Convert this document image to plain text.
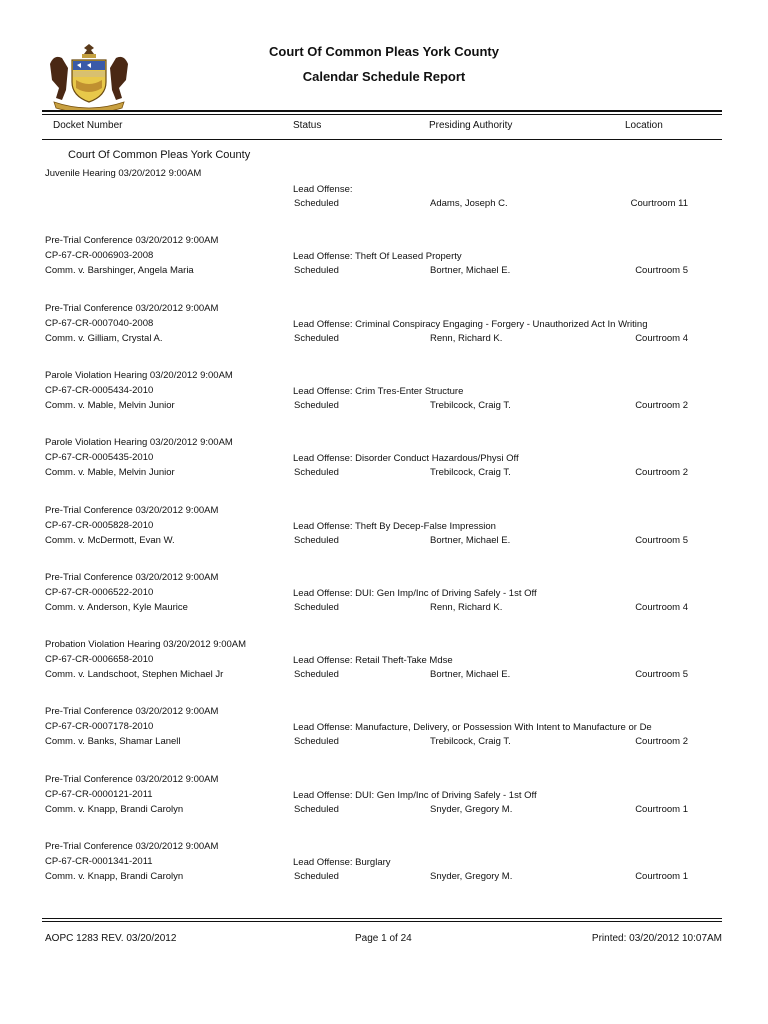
Court Of Common Pleas York County
Calendar Schedule Report
Docket Number	Status	Presiding Authority	Location
Court Of Common Pleas York County
Juvenile Hearing 03/20/2012 9:00AM
Lead Offense:
Scheduled	Adams, Joseph C.	Courtroom 11
Pre-Trial Conference 03/20/2012 9:00AM
CP-67-CR-0006903-2008
Comm. v. Barshinger, Angela Maria
Lead Offense: Theft Of Leased Property
Scheduled	Bortner, Michael E.	Courtroom 5
Pre-Trial Conference 03/20/2012 9:00AM
CP-67-CR-0007040-2008
Comm. v. Gilliam, Crystal A.
Lead Offense: Criminal Conspiracy Engaging - Forgery - Unauthorized Act In Writing
Scheduled	Renn, Richard K.	Courtroom 4
Parole Violation Hearing 03/20/2012 9:00AM
CP-67-CR-0005434-2010
Comm. v. Mable, Melvin Junior
Lead Offense: Crim Tres-Enter Structure
Scheduled	Trebilcock, Craig T.	Courtroom 2
Parole Violation Hearing 03/20/2012 9:00AM
CP-67-CR-0005435-2010
Comm. v. Mable, Melvin Junior
Lead Offense: Disorder Conduct Hazardous/Physi Off
Scheduled	Trebilcock, Craig T.	Courtroom 2
Pre-Trial Conference 03/20/2012 9:00AM
CP-67-CR-0005828-2010
Comm. v. McDermott, Evan W.
Lead Offense: Theft By Decep-False Impression
Scheduled	Bortner, Michael E.	Courtroom 5
Pre-Trial Conference 03/20/2012 9:00AM
CP-67-CR-0006522-2010
Comm. v. Anderson, Kyle Maurice
Lead Offense: DUI: Gen Imp/Inc of Driving Safely - 1st Off
Scheduled	Renn, Richard K.	Courtroom 4
Probation Violation Hearing 03/20/2012 9:00AM
CP-67-CR-0006658-2010
Comm. v. Landschoot, Stephen Michael Jr
Lead Offense: Retail Theft-Take Mdse
Scheduled	Bortner, Michael E.	Courtroom 5
Pre-Trial Conference 03/20/2012 9:00AM
CP-67-CR-0007178-2010
Comm. v. Banks, Shamar Lanell
Lead Offense: Manufacture, Delivery, or Possession With Intent to Manufacture or De
Scheduled	Trebilcock, Craig T.	Courtroom 2
Pre-Trial Conference 03/20/2012 9:00AM
CP-67-CR-0000121-2011
Comm. v. Knapp, Brandi Carolyn
Lead Offense: DUI: Gen Imp/Inc of Driving Safely - 1st Off
Scheduled	Snyder, Gregory M.	Courtroom 1
Pre-Trial Conference 03/20/2012 9:00AM
CP-67-CR-0001341-2011
Comm. v. Knapp, Brandi Carolyn
Lead Offense: Burglary
Scheduled	Snyder, Gregory M.	Courtroom 1
AOPC 1283 REV. 03/20/2012	Page 1 of 24	Printed: 03/20/2012 10:07AM
